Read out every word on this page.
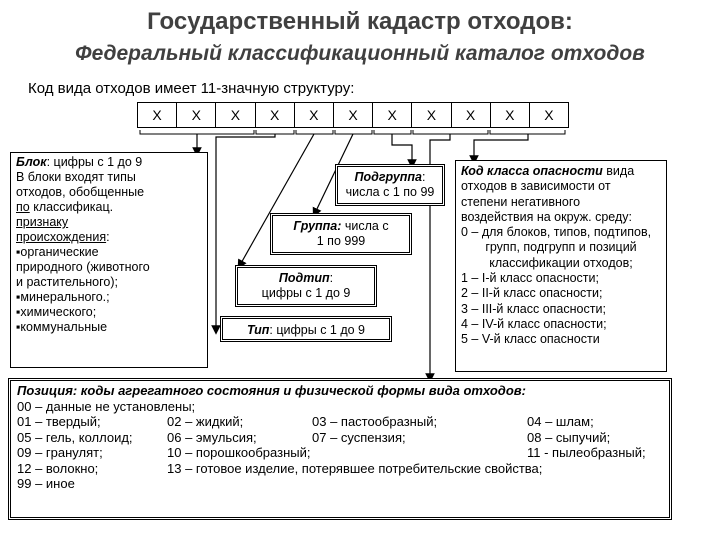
Государственный кадастр отходов:
Федеральный классификационный каталог отходов
Код вида отходов имеет 11-значную структуру:
Х	Х	Х	Х	Х	Х	Х	Х	Х	Х	Х
Блок: цифры с 1 до 9
В блоки входят типы
отходов, обобщенные
по классификац.
признаку
происхождения:
▪органические
природного (животного
и растительного);
▪минерального.;
▪химического;
▪коммунальные
Подгруппа:
числа с 1 по 99
Группа: числа с
1 по 999
Подтип:
цифры с 1 до 9
Тип: цифры с 1 до 9
Код класса опасности вида
отходов в зависимости от
степени негативного
воздействия на окруж. среду:
0 – для блоков, типов, подтипов,
групп, подгрупп и позиций
классификации отходов;
1 – I-й класс опасности;
2 – II-й класс опасности;
3 – III-й класс опасности;
4 – IV-й класс опасности;
5 – V-й класс опасности
Позиция: коды агрегатного состояния и физической формы вида отходов:
00 – данные не установлены;
01 – твердый;	02 – жидкий;	03 – пастообразный;	04 – шлам;
05 – гель, коллоид;	06 – эмульсия;	07 – суспензия;	08 – сыпучий;
09 – гранулят;	10 – порошкообразный;	11 - пылеобразный;
12 – волокно;	13 – готовое изделие, потерявшее потребительские свойства;
99 – иное
